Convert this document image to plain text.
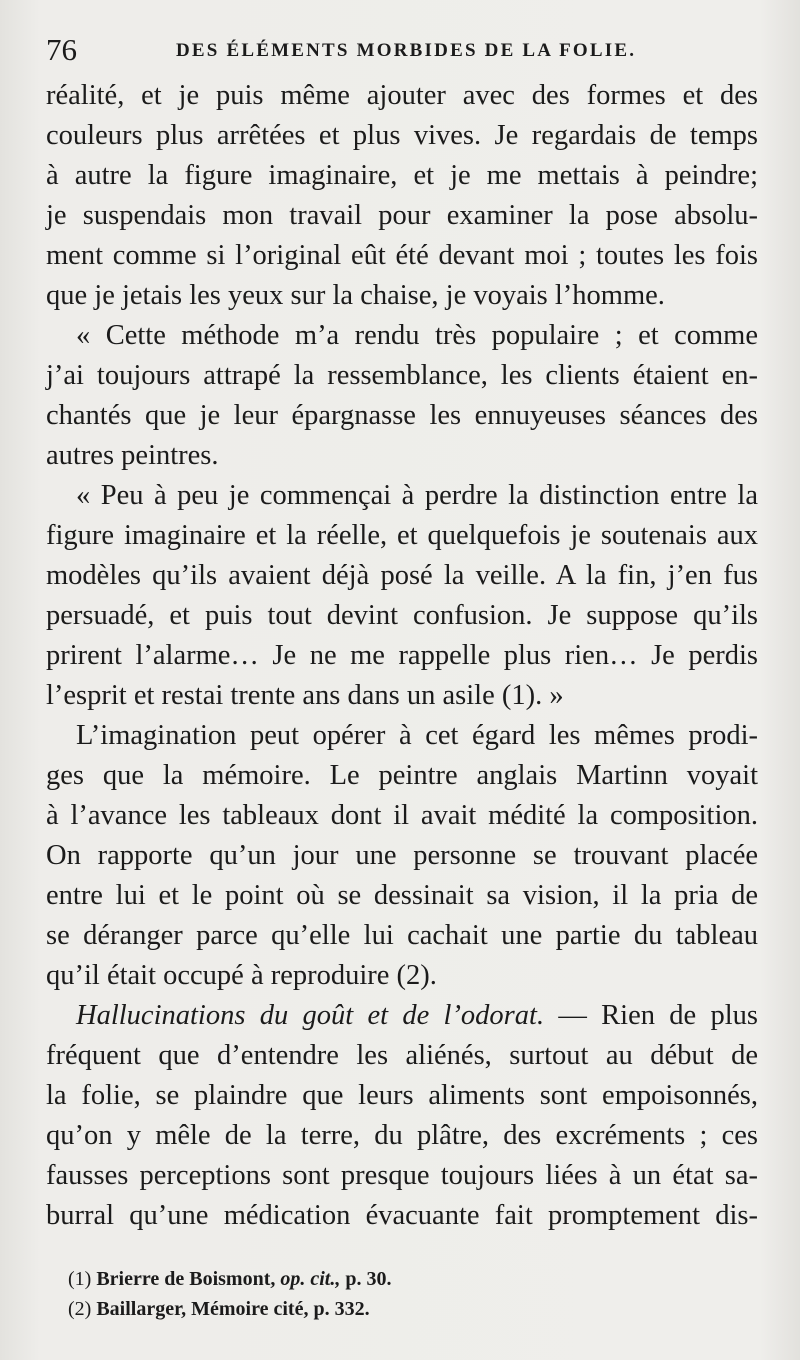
76	DES ÉLÉMENTS MORBIDES DE LA FOLIE.
réalité, et je puis même ajouter avec des formes et des
couleurs plus arrêtées et plus vives. Je regardais de temps
à autre la figure imaginaire, et je me mettais à peindre;
je suspendais mon travail pour examiner la pose absolu-
ment comme si l’original eût été devant moi ; toutes les fois
que je jetais les yeux sur la chaise, je voyais l’homme.
« Cette méthode m’a rendu très populaire ; et comme
j’ai toujours attrapé la ressemblance, les clients étaient en-
chantés que je leur épargnasse les ennuyeuses séances des
autres peintres.
« Peu à peu je commençai à perdre la distinction entre la
figure imaginaire et la réelle, et quelquefois je soutenais aux
modèles qu’ils avaient déjà posé la veille. A la fin, j’en fus
persuadé, et puis tout devint confusion. Je suppose qu’ils
prirent l’alarme… Je ne me rappelle plus rien… Je perdis
l’esprit et restai trente ans dans un asile (1). »
L’imagination peut opérer à cet égard les mêmes prodi-
ges que la mémoire. Le peintre anglais Martinn voyait
à l’avance les tableaux dont il avait médité la composition.
On rapporte qu’un jour une personne se trouvant placée
entre lui et le point où se dessinait sa vision, il la pria de
se déranger parce qu’elle lui cachait une partie du tableau
qu’il était occupé à reproduire (2).
Hallucinations du goût et de l’odorat. — Rien de plus
fréquent que d’entendre les aliénés, surtout au début de
la folie, se plaindre que leurs aliments sont empoisonnés,
qu’on y mêle de la terre, du plâtre, des excréments ; ces
fausses perceptions sont presque toujours liées à un état sa-
burral qu’une médication évacuante fait promptement dis-
(1) Brierre de Boismont, op. cit., p. 30.
(2) Baillarger, Mémoire cité, p. 332.
